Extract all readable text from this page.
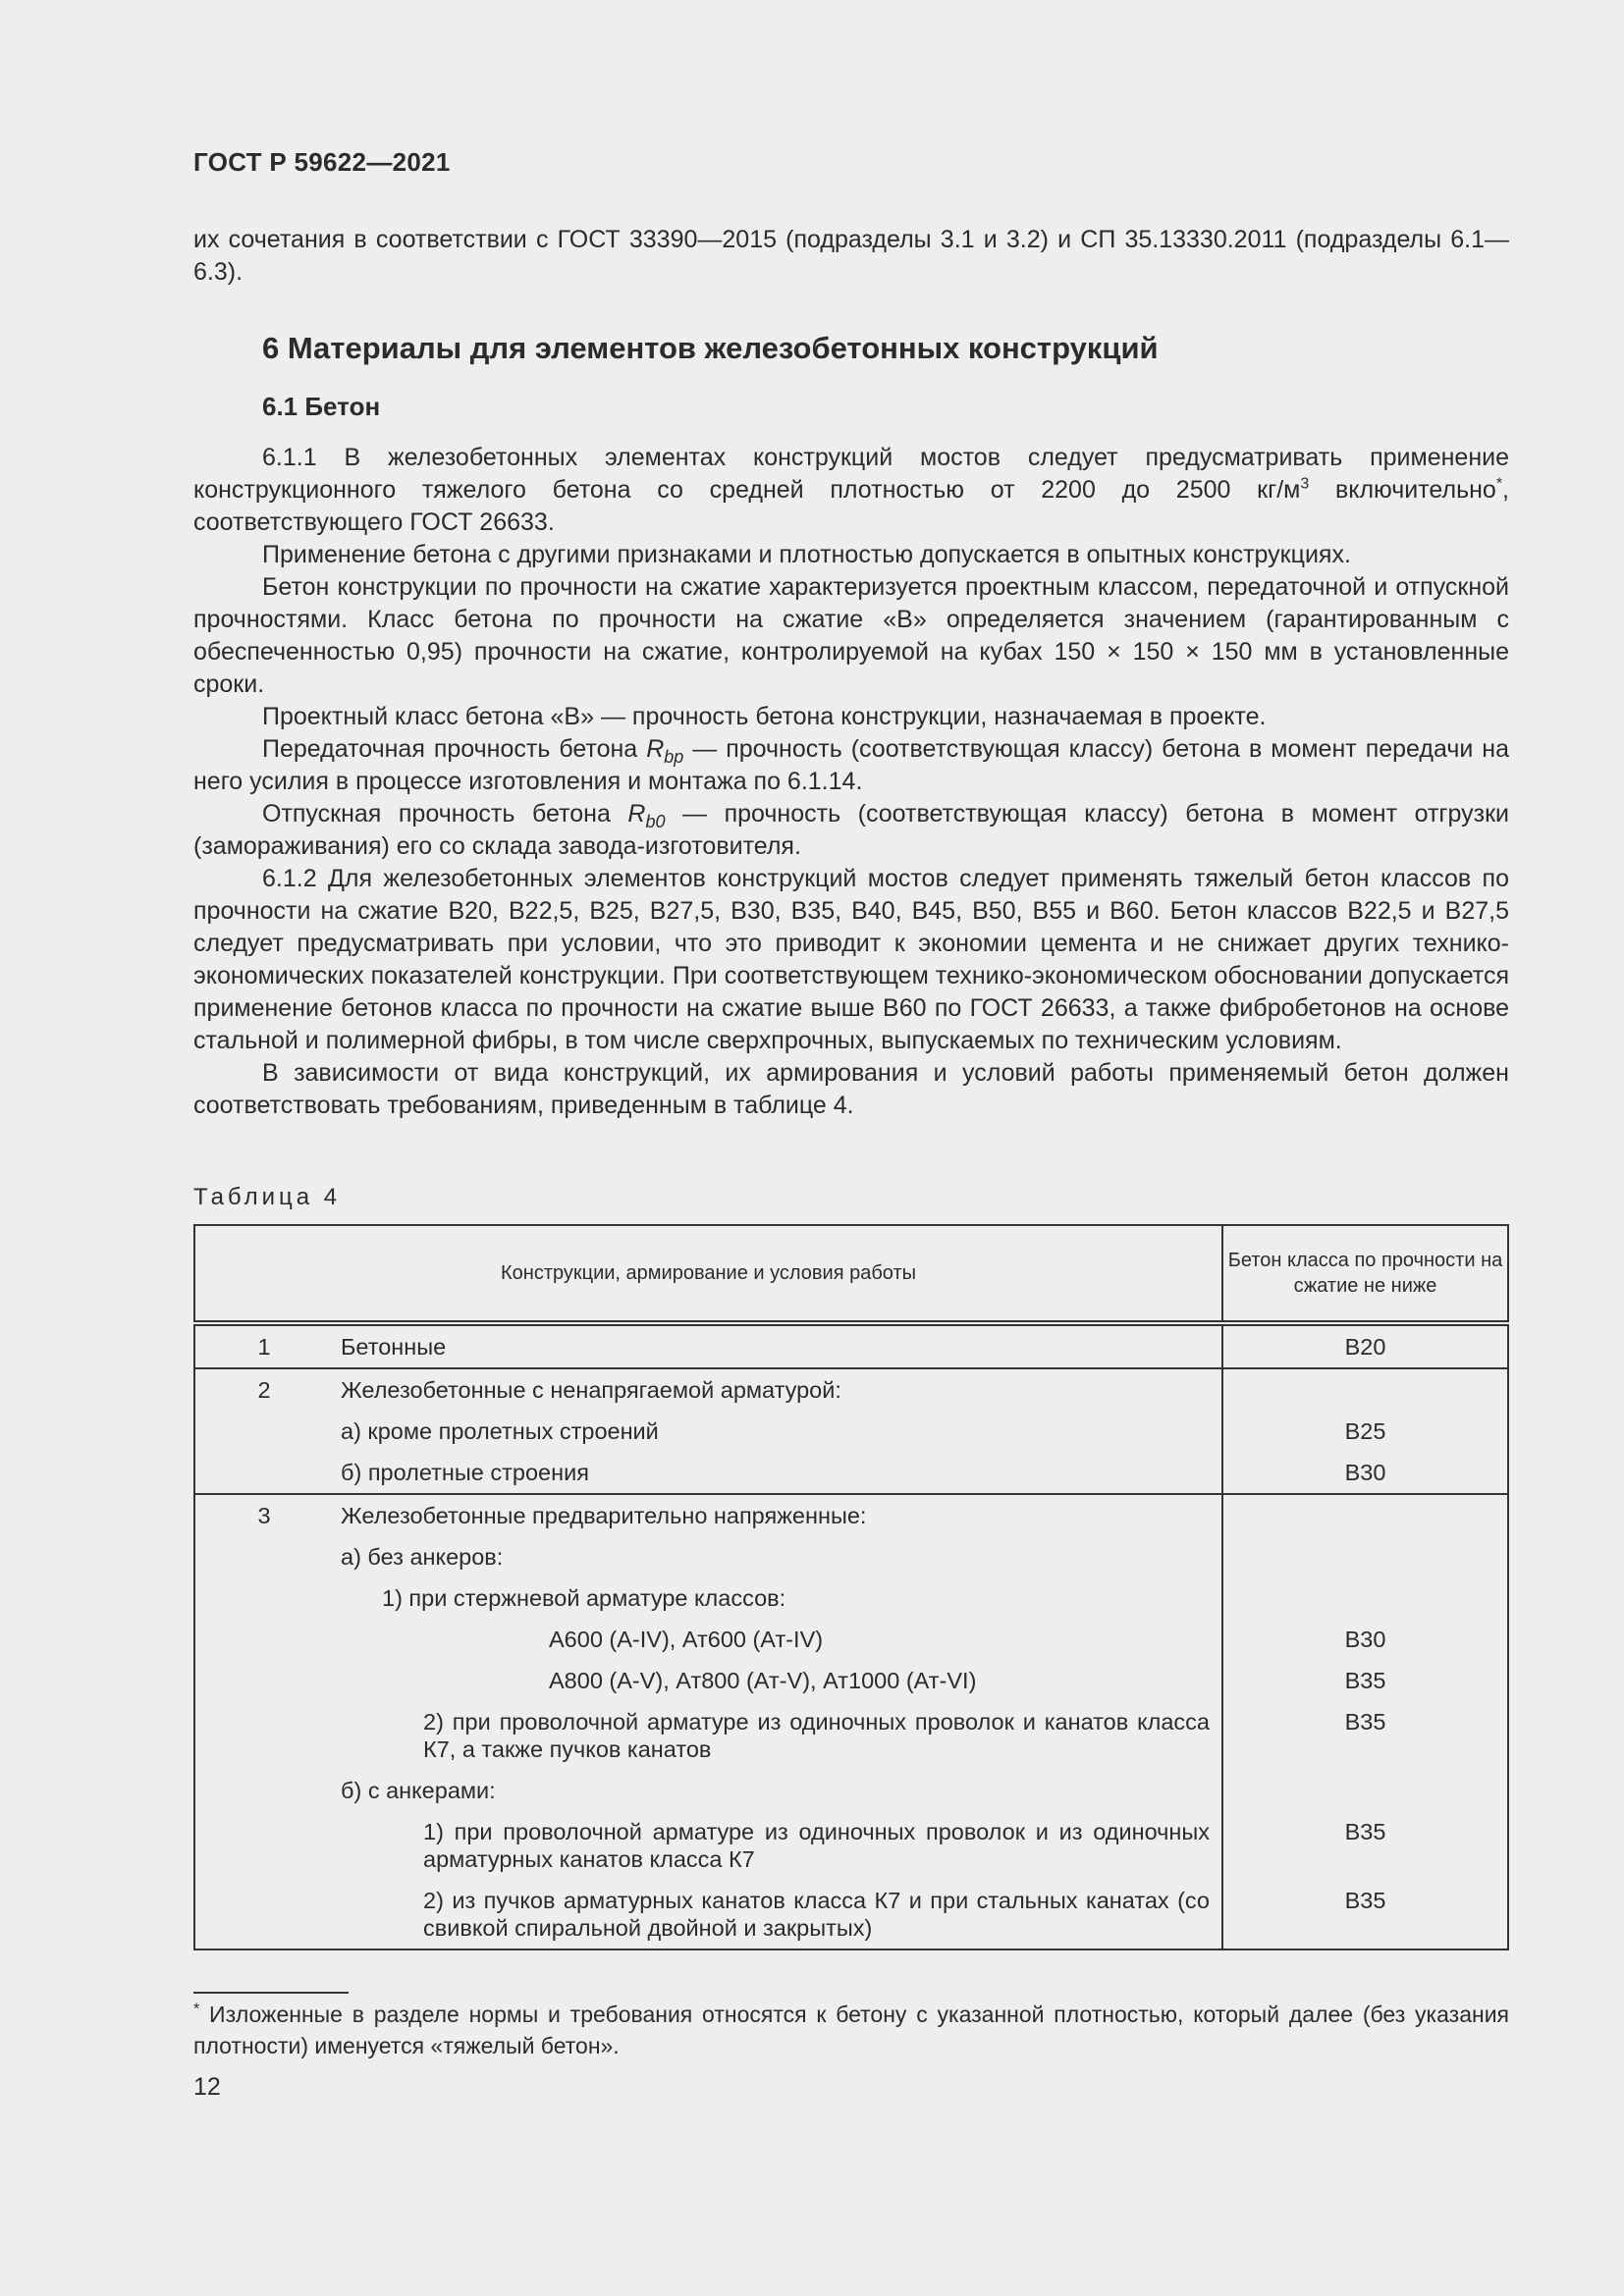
ГОСТ Р 59622—2021

их сочетания в соответствии с ГОСТ 33390—2015 (подразделы 3.1 и 3.2) и СП 35.13330.2011 (подразделы 6.1—6.3).

6 Материалы для элементов железобетонных конструкций
6.1 Бетон

6.1.1 В железобетонных элементах конструкций мостов следует предусматривать применение конструкционного тяжелого бетона со средней плотностью от 2200 до 2500 $кг/м^3$ включительно*, соответствующего ГОСТ 26633.

Применение бетона с другими признаками и плотностью допускается в опытных конструкциях.

Бетон конструкции по прочности на сжатие характеризуется проектным классом, передаточной и отпускной прочностями. Класс бетона по прочности на сжатие «В» определяется значением (гарантированным с обеспеченностью 0,95) прочности на сжатие, контролируемой на кубах 150 × 150 × 150 мм в установленные сроки.

Проектный класс бетона «В» — прочность бетона конструкции, назначаемая в проекте.

Передаточная прочность бетона $R_{bp}$ — прочность (соответствующая классу) бетона в момент передачи на него усилия в процессе изготовления и монтажа по 6.1.14.

Отпускная прочность бетона $R_{b0}$ — прочность (соответствующая классу) бетона в момент отгрузки (замораживания) его со склада завода-изготовителя.

6.1.2 Для железобетонных элементов конструкций мостов следует применять тяжелый бетон классов по прочности на сжатие В20, В22,5, В25, В27,5, В30, В35, В40, В45, В50, В55 и В60. Бетон классов В22,5 и В27,5 следует предусматривать при условии, что это приводит к экономии цемента и не снижает других технико-экономических показателей конструкции. При соответствующем технико-экономическом обосновании допускается применение бетонов класса по прочности на сжатие выше В60 по ГОСТ 26633, а также фибробетонов на основе стальной и полимерной фибры, в том числе сверхпрочных, выпускаемых по техническим условиям.

В зависимости от вида конструкций, их армирования и условий работы применяемый бетон должен соответствовать требованиям, приведенным в таблице 4.

Таблица 4
Конструкции, армирование и условия работы		Бетон класса по прочности на сжатие не ниже
1	Бетонные	В20
2	Железобетонные с ненапрягаемой арматурой:	
	а) кроме пролетных строений	В25
	б) пролетные строения	В30
3	Железобетонные предварительно напряженные:	
	а) без анкеров:	
	1) при стержневой арматуре классов:	
	А600 (А-IV), Ат600 (Ат-IV)	В30
	А800 (А-V), Ат800 (Ат-V), Ат1000 (Ат-VI)	В35
	2) при проволочной арматуре из одиночных проволок и канатов класса К7, а также пучков канатов	В35
	б) с анкерами:	
	1) при проволочной арматуре из одиночных проволок и из одиночных арматурных канатов класса К7	В35
	2) из пучков арматурных канатов класса К7 и при стальных канатах (со свивкой спиральной двойной и закрытых)	В35
* Изложенные в разделе нормы и требования относятся к бетону с указанной плотностью, который далее (без указания плотности) именуется «тяжелый бетон».
12
